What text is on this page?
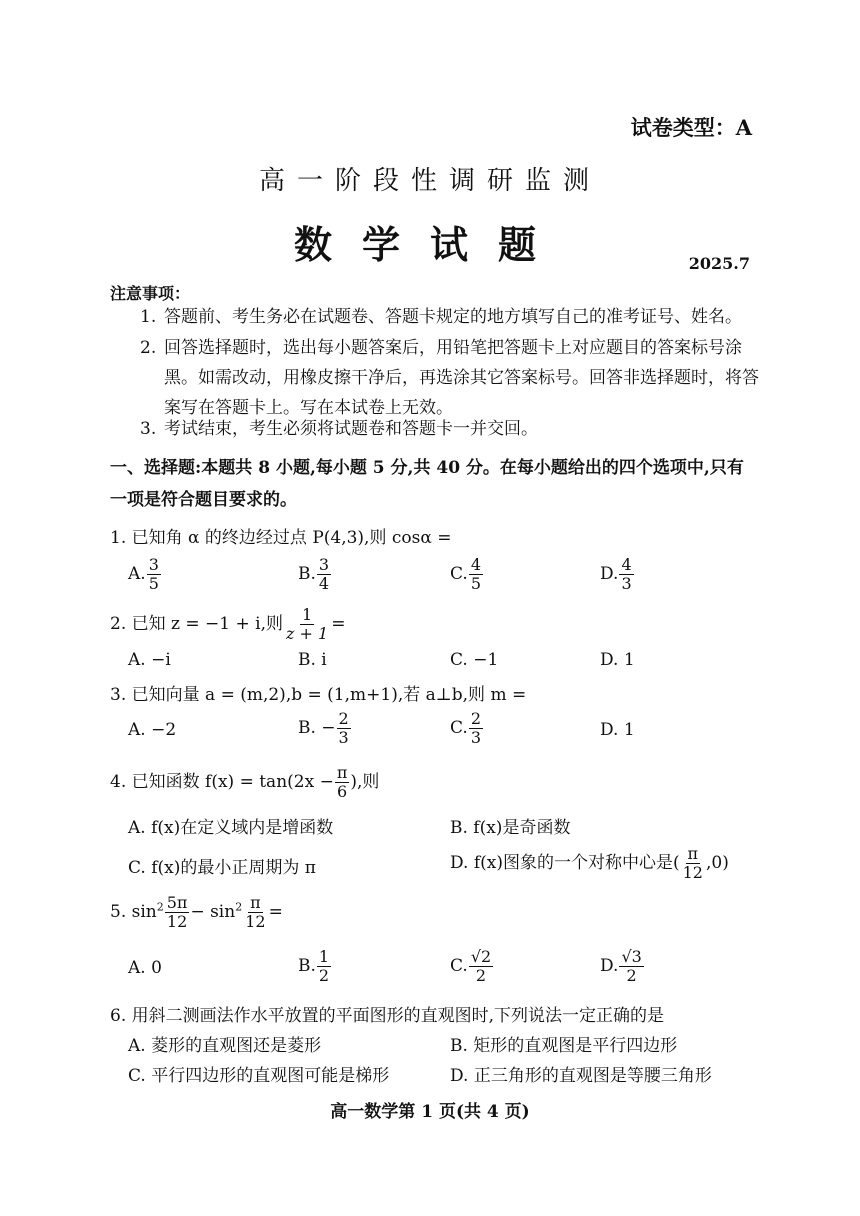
试卷类型：A
高一阶段性调研监测
数学试题	2025.7
注意事项：
1. 答题前、考生务必在试题卷、答题卡规定的地方填写自己的准考证号、姓名。
2. 回答选择题时，选出每小题答案后，用铅笔把答题卡上对应题目的答案标号涂
黑。如需改动，用橡皮擦干净后，再选涂其它答案标号。回答非选择题时，将答案写在答题卡上。写在本试卷上无效。
3. 考试结束，考生必须将试题卷和答题卡一并交回。
一、选择题:本题共 8 小题,每小题 5 分,共 40 分。在每小题给出的四个选项中,只有一项是符合题目要求的。
1. 已知角 α 的终边经过点 P(4,3),则 cosα =
A. $\frac{3}{5}$	B. $\frac{3}{4}$	C. $\frac{4}{5}$	D. $\frac{4}{3}$
2. 已知 z = −1 + i,则 $\frac{1}{z + 1}$ =
A. −i	B. i	C. −1	D. 1
3. 已知向量 a = (m,2),b = (1,m+1),若 a⊥b,则 m =
A. −2	B. − $\frac{2}{3}$	C. $\frac{2}{3}$	D. 1
4. 已知函数 $f(x) = \tan(2x - \frac{\pi}{6}$ ),则
A. f(x)在定义域内是增函数	B. f(x)是奇函数
C. f(x)的最小正周期为 π	D. f(x)图象的一个对称中心是( $\frac{\pi}{12} ,0$)
5. $\sin^2 \frac{5\pi}{12} - \sin^2 \frac{\pi}{12}$ =
A. 0	B. $\frac{1}{2}$	C. $\frac{√2}{2}$	D. $\frac{√3}{2}$
6. 用斜二测画法作水平放置的平面图形的直观图时,下列说法一定正确的是
A. 菱形的直观图还是菱形	B. 矩形的直观图是平行四边形
C. 平行四边形的直观图可能是梯形	D. 正三角形的直观图是等腰三角形
高一数学第 1 页(共 4 页)
